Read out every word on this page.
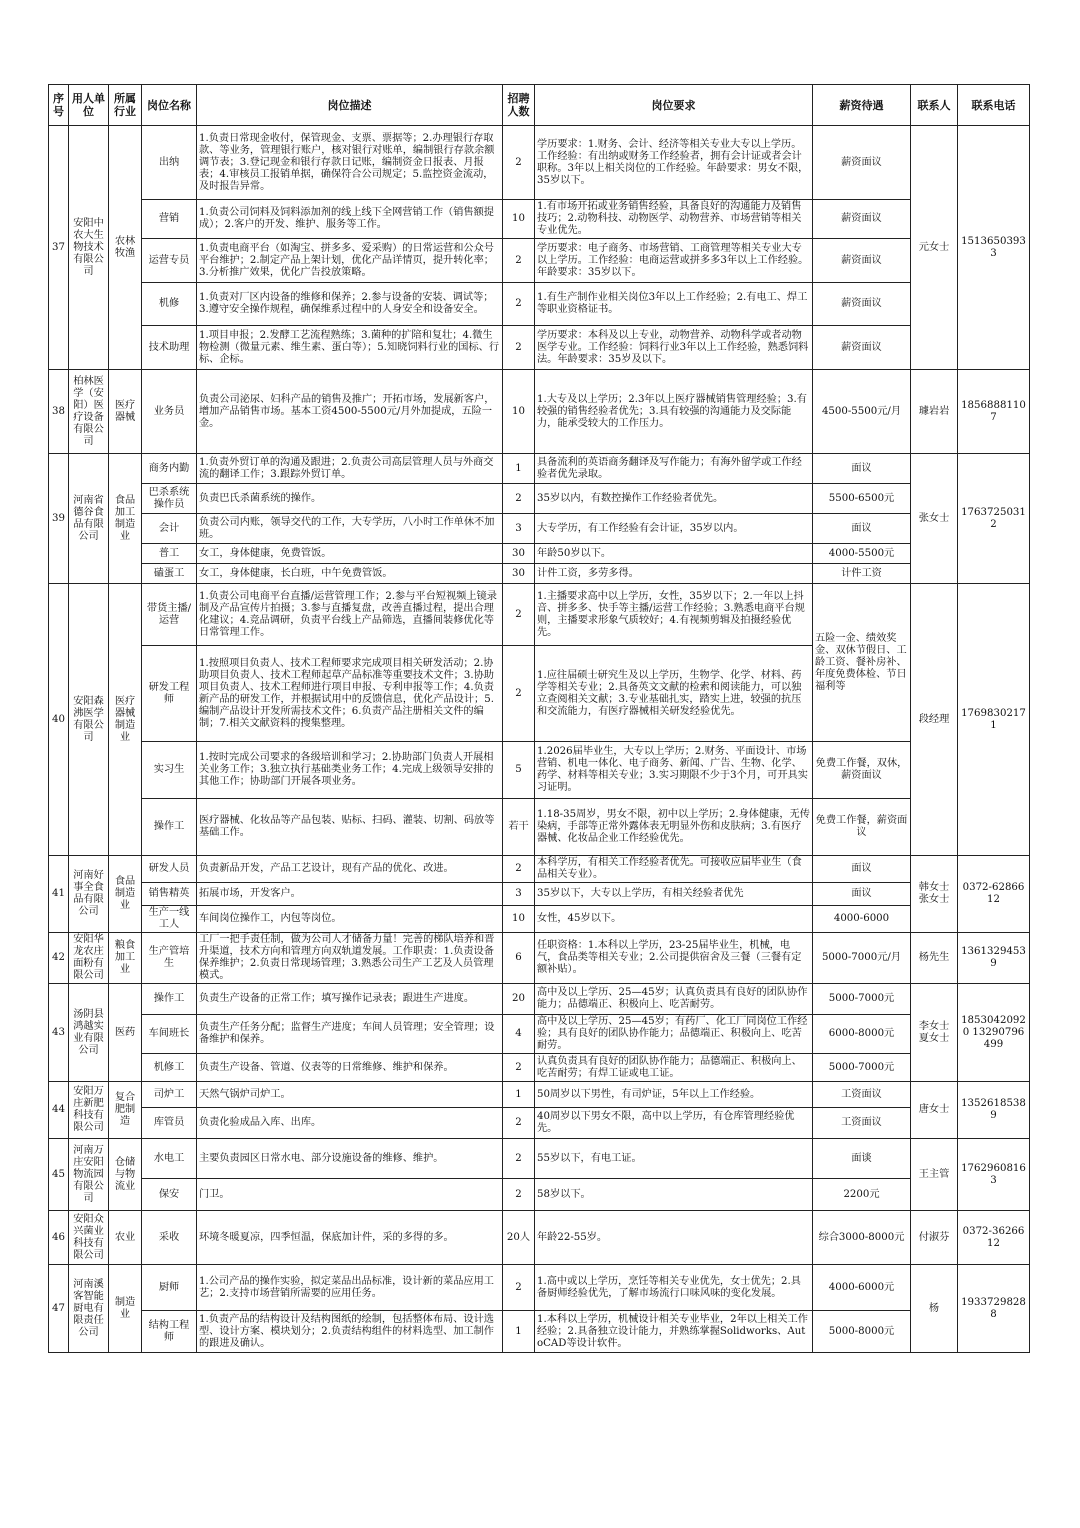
序号	用人单位	所属行业	岗位名称	岗位描述	招聘人数	岗位要求	薪资待遇	联系人	联系电话
37	安阳中农大生物技术有限公司	农林牧渔	出纳	1.负责日常现金收付，保管现金、支票、票据等；2.办理银行存取款、等业务，管理银行账户，核对银行对账单，编制银行存款余额调节表；3.登记现金和银行存款日记账，编制资金日报表、月报表；4.审核员工报销单据，确保符合公司规定；5.监控资金流动，及时报告异常。	2	学历要求：1.财务、会计、经济等相关专业大专以上学历。工作经验：有出纳或财务工作经验者，拥有会计证或者会计职称。3年以上相关岗位的工作经验。年龄要求：男女不限，35岁以下。	薪资面议	元女士	15136503933
			营销	1.负责公司饲料及饲料添加剂的线上线下全网营销工作（销售额提成）；2.客户的开发、维护、服务等工作。	10	1.有市场开拓或业务销售经验，具备良好的沟通能力及销售技巧；2.动物科技、动物医学、动物营养、市场营销等相关专业优先。	薪资面议		
			运营专员	1.负责电商平台（如淘宝、拼多多、爱采购）的日常运营和公众号平台维护；2.制定产品上架计划，优化产品详情页，提升转化率；3.分析推广效果，优化广告投放策略。	2	学历要求：电子商务、市场营销、工商管理等相关专业大专以上学历。工作经验：电商运营或拼多多3年以上工作经验。年龄要求：35岁以下。	薪资面议		
			机修	1.负责对厂区内设备的维修和保养；2.参与设备的安装、调试等；3.遵守安全操作规程，确保维系过程中的人身安全和设备安全。	2	1.有生产制作业相关岗位3年以上工作经验；2.有电工、焊工等职业资格证书。	薪资面议		
			技术助理	1.项目申报；2.发酵工艺流程熟练；3.菌种的扩陪和复壮；4.微生物检测（微量元素、维生素、蛋白等）；5.知晓饲料行业的国标、行标、企标。	2	学历要求：本科及以上专业，动物营养、动物科学或者动物医学专业。工作经验：饲料行业3年以上工作经验，熟悉饲料法。年龄要求：35岁及以下。	薪资面议		
38	柏林医学（安阳）医疗设备有限公司	医疗器械	业务员	负责公司泌尿、妇科产品的销售及推广；开拓市场，发展新客户，增加产品销售市场。基本工资4500-5500元/月外加提成，五险一金。	10	1.大专及以上学历；2.3年以上医疗器械销售管理经验；3.有较强的销售经验者优先；3.具有较强的沟通能力及交际能力，能承受较大的工作压力。	4500-5500元/月	璩岩岩	18568881107
39	河南省德谷食品有限公司	食品加工制造业	商务内勤	1.负责外贸订单的沟通及跟进；2.负责公司高层管理人员与外商交流的翻译工作；3.跟踪外贸订单。	1	具备流利的英语商务翻译及写作能力；有海外留学或工作经验者优先录取。	面议	张女士	17637250312
			巴杀系统操作员	负责巴氏杀菌系统的操作。	2	35岁以内，有数控操作工作经验者优先。	5500-6500元		
			会计	负责公司内账，领导交代的工作，大专学历，八小时工作单休不加班。	3	大专学历，有工作经验有会计证，35岁以内。	面议		
			普工	女工，身体健康，免费管饭。	30	年龄50岁以下。	4000-5500元		
			磕蛋工	女工，身体健康，长白班，中午免费管饭。	30	计件工资，多劳多得。	计件工资		
40	安阳森沸医学有限公司	医疗器械制造业	带货主播/运营	1.负责公司电商平台直播/运营管理工作；2.参与平台短视频上镜录制及产品宣传片拍摄；3.参与直播复盘，改善直播过程，提出合理化建议；4.竞品调研，负责平台线上产品筛选，直播间装修优化等日常管理工作。	2	1.主播要求高中以上学历，女性，35岁以下；2.一年以上抖音、拼多多、快手等主播/运营工作经验；3.熟悉电商平台规则，主播要求形象气质较好；4.有视频剪辑及拍摄经验优先。	五险一金、绩效奖金、双休节假日、工龄工资、餐补房补、年度免费体检、节日福利等	段经理	17698302171
			研发工程师	1.按照项目负责人、技术工程师要求完成项目相关研发活动；2.协助项目负责人、技术工程师起草产品标准等重要技术文件；3.协助项目负责人、技术工程师进行项目申报、专利申报等工作；4.负责新产品的研发工作，并根据试用中的反馈信息，优化产品设计；5.编制产品设计开发所需技术文件；6.负责产品注册相关文件的编制；7.相关文献资料的搜集整理。	2	1.应往届硕士研究生及以上学历，生物学、化学、材料、药学等相关专业；2.具备英文文献的检索和阅读能力，可以独立查阅相关文献；3.专业基础扎实，踏实上进，较强的抗压和交流能力，有医疗器械相关研发经验优先。			
			实习生	1.按时完成公司要求的各级培训和学习；2.协助部门负责人开展相关业务工作；3.独立执行基础类业务工作；4.完成上级领导安排的其他工作；协助部门开展各项业务。	5	1.2026届毕业生，大专以上学历；2.财务、平面设计、市场营销、机电一体化、电子商务、新闻、广告、生物、化学、药学、材料等相关专业；3.实习期限不少于3个月，可开具实习证明。	免费工作餐，双休，薪资面议		
			操作工	医疗器械、化妆品等产品包装、贴标、扫码、灌装、切割、码放等基础工作。	若干	1.18-35周岁，男女不限，初中以上学历；2.身体健康，无传染病，手部等正常外露体表无明显外伤和皮肤病；3.有医疗器械、化妆品企业工作经验优先。	免费工作餐，薪资面议		
41	河南好事全食品有限公司	食品制造业	研发人员	负责新品开发，产品工艺设计，现有产品的优化、改进。	2	本科学历，有相关工作经验者优先。可接收应届毕业生（食品相关专业）。	面议	韩女士 张女士	0372-6286612
			销售精英	拓展市场，开发客户。	3	35岁以下，大专以上学历，有相关经验者优先	面议		
			生产一线工人	车间岗位操作工，内包等岗位。	10	女性，45岁以下。	4000-6000		
42	安阳华龙农庄面粉有限公司	粮食加工业	生产管培生	工厂一把手责任制，做为公司人才储备力量！完善的梯队培养和晋升渠道，技术方向和管理方向双轨道发展。工作职责：1.负责设备保养维护；2.负责日常现场管理；3.熟悉公司生产工艺及人员管理模式。	6	任职资格：1.本科以上学历，23-25届毕业生，机械，电气，食品类等相关专业；2.公司提供宿舍及三餐（三餐有定额补贴）。	5000-7000元/月	杨先生	13613294539
43	汤阴县鸿越实业有限公司	医药	操作工	负责生产设备的正常工作；填写操作记录表；跟进生产进度。	20	高中及以上学历、25—45岁；认真负责具有良好的团队协作能力；品德端正、积极向上、吃苦耐劳。	5000-7000元	李女士 夏女士	18530420920 13290796499
			车间班长	负责生产任务分配；监督生产进度；车间人员管理；安全管理；设备维护和保养。	4	高中及以上学历、25—45岁；有药厂、化工厂同岗位工作经验；具有良好的团队协作能力；品德端正、积极向上、吃苦耐劳。	6000-8000元		
			机修工	负责生产设备、管道、仪表等的日常维修、维护和保养。	2	认真负责具有良好的团队协作能力；品德端正、积极向上、吃苦耐劳；有焊工证或电工证。	5000-7000元		
44	安阳万庄新肥科技有限公司	复合肥制造	司炉工	天然气锅炉司炉工。	1	50周岁以下男性，有司炉证，5年以上工作经验。	工资面议	唐女士	13526185389
			库管员	负责化验成品入库、出库。	2	40周岁以下男女不限，高中以上学历，有仓库管理经验优先。	工资面议		
45	河南万庄安阳物流园有限公司	仓储与物流业	水电工	主要负责园区日常水电、部分设施设备的维修、维护。	2	55岁以下，有电工证。	面谈	王主管	17629608163
			保安	门卫。	2	58岁以下。	2200元		
46	安阳众兴菌业科技有限公司	农业	采收	环境冬暖夏凉，四季恒温，保底加计件，采的多得的多。	20人	年龄22-55岁。	综合3000-8000元	付淑芬	0372-3626612
47	河南溪客智能厨电有限责任公司	制造业	厨师	1.公司产品的操作实验，拟定菜品出品标准，设计新的菜品应用工艺；2.支持市场营销所需要的应用任务。	2	1.高中或以上学历，烹饪等相关专业优先，女士优先；2.具备厨师经验优先，了解市场流行口味风味的变化发展。	4000-6000元	杨	19337298288
			结构工程师	1.负责产品的结构设计及结构图纸的绘制，包括整体布局、设计选型、设计方案、模块划分；2.负责结构组件的材料选型、加工制作的跟进及确认。	1	1.本科以上学历，机械设计相关专业毕业，2年以上相关工作经验；2.具备独立设计能力，并熟练掌握Solidworks、AutoCAD等设计软件。	5000-8000元		
